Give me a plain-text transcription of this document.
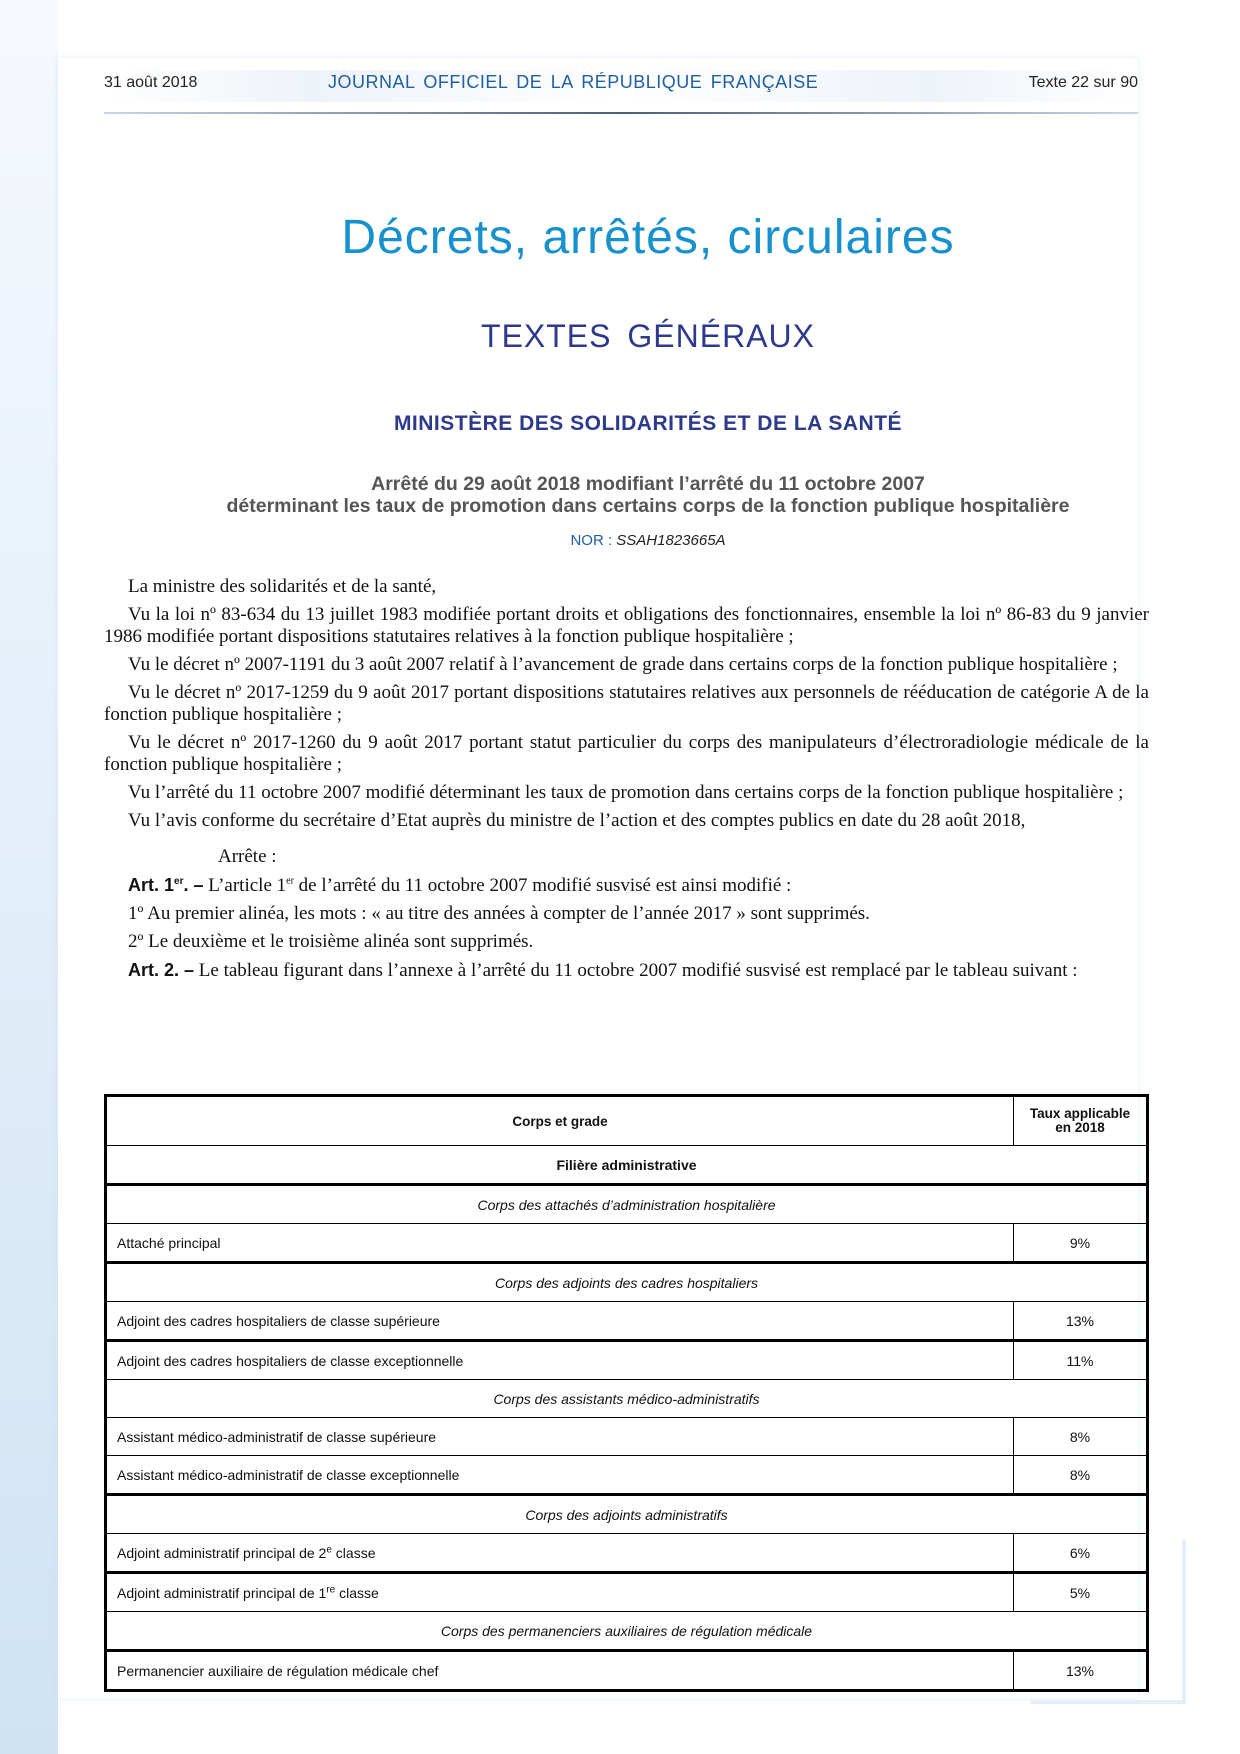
31 août 2018	JOURNAL OFFICIEL DE LA RÉPUBLIQUE FRANÇAISE	Texte 22 sur 90
Décrets, arrêtés, circulaires
TEXTES GÉNÉRAUX
MINISTÈRE DES SOLIDARITÉS ET DE LA SANTÉ
Arrêté du 29 août 2018 modifiant l’arrêté du 11 octobre 2007
déterminant les taux de promotion dans certains corps de la fonction publique hospitalière
NOR : SSAH1823665A

La ministre des solidarités et de la santé,

Vu la loi nº 83-634 du 13 juillet 1983 modifiée portant droits et obligations des fonctionnaires, ensemble la loi nº 86-83 du 9 janvier 1986 modifiée portant dispositions statutaires relatives à la fonction publique hospitalière ;

Vu le décret nº 2007-1191 du 3 août 2007 relatif à l’avancement de grade dans certains corps de la fonction publique hospitalière ;

Vu le décret nº 2017-1259 du 9 août 2017 portant dispositions statutaires relatives aux personnels de rééducation de catégorie A de la fonction publique hospitalière ;

Vu le décret nº 2017-1260 du 9 août 2017 portant statut particulier du corps des manipulateurs d’électroradiologie médicale de la fonction publique hospitalière ;

Vu l’arrêté du 11 octobre 2007 modifié déterminant les taux de promotion dans certains corps de la fonction publique hospitalière ;

Vu l’avis conforme du secrétaire d’Etat auprès du ministre de l’action et des comptes publics en date du 28 août 2018,

Arrête :

Art. 1er. – L’article 1er de l’arrêté du 11 octobre 2007 modifié susvisé est ainsi modifié :

1º Au premier alinéa, les mots : « au titre des années à compter de l’année 2017 » sont supprimés.

2º Le deuxième et le troisième alinéa sont supprimés.

Art. 2. – Le tableau figurant dans l’annexe à l’arrêté du 11 octobre 2007 modifié susvisé est remplacé par le tableau suivant :

Corps et grade	Taux applicable
en 2018

Filière administrative	
Corps des attachés d’administration hospitalière	
Attaché principal	9%
Corps des adjoints des cadres hospitaliers	
Adjoint des cadres hospitaliers de classe supérieure	13%
Adjoint des cadres hospitaliers de classe exceptionnelle	11%
Corps des assistants médico-administratifs	
Assistant médico-administratif de classe supérieure	8%
Assistant médico-administratif de classe exceptionnelle	8%
Corps des adjoints administratifs	
Adjoint administratif principal de 2e classe	6%
Adjoint administratif principal de 1re classe	5%
Corps des permanenciers auxiliaires de régulation médicale	
Permanencier auxiliaire de régulation médicale chef	13%
